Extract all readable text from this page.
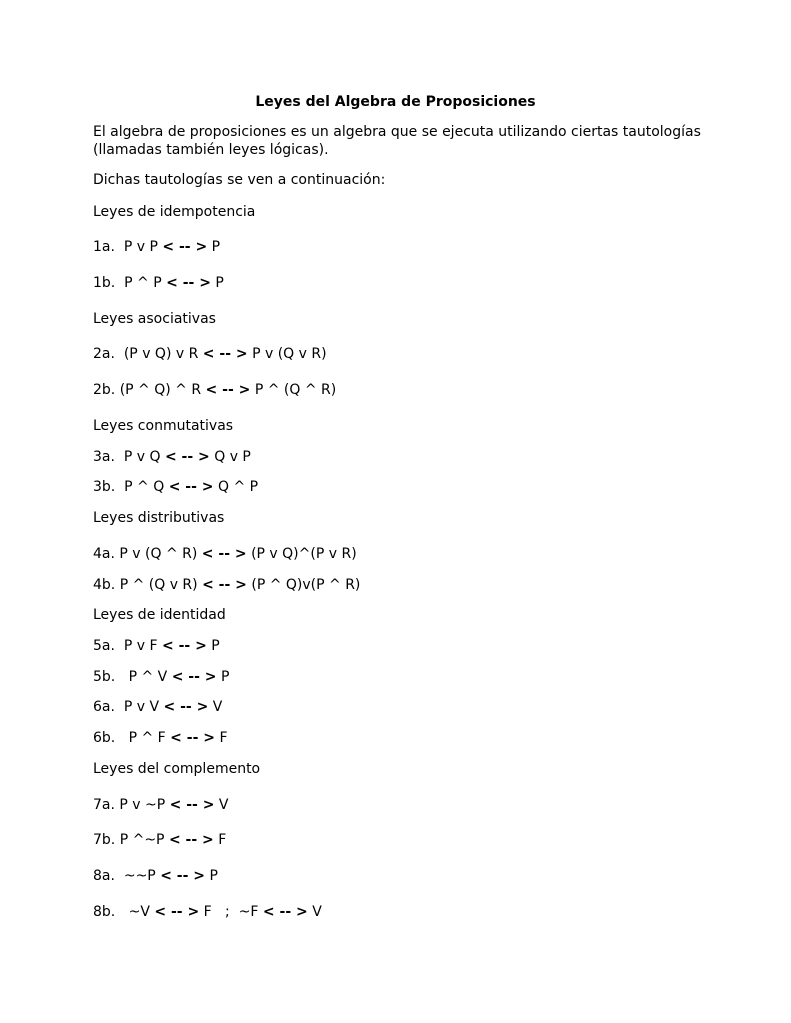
Leyes del Algebra de Proposiciones
El algebra de proposiciones es un algebra que se ejecuta utilizando ciertas tautologías
(llamadas también leyes lógicas).
Dichas tautologías se ven a continuación:
Leyes de idempotencia
1a.  P v P < -- > P
1b.  P ^ P < -- > P
Leyes asociativas
2a.  (P v Q) v R < -- > P v (Q v R)
2b. (P ^ Q) ^ R < -- > P ^ (Q ^ R)
Leyes conmutativas
3a.  P v Q < -- > Q v P
3b.  P ^ Q < -- > Q ^ P
Leyes distributivas
4a. P v (Q ^ R) < -- > (P v Q)^(P v R)
4b. P ^ (Q v R) < -- > (P ^ Q)v(P ^ R)
Leyes de identidad
5a.  P v F < -- > P
5b.   P ^ V < -- > P
6a.  P v V < -- > V
6b.   P ^ F < -- > F
Leyes del complemento
7a. P v ~P < -- > V
7b. P ^~P < -- > F
8a.  ~~P < -- > P
8b.   ~V < -- > F   ;  ~F < -- > V
